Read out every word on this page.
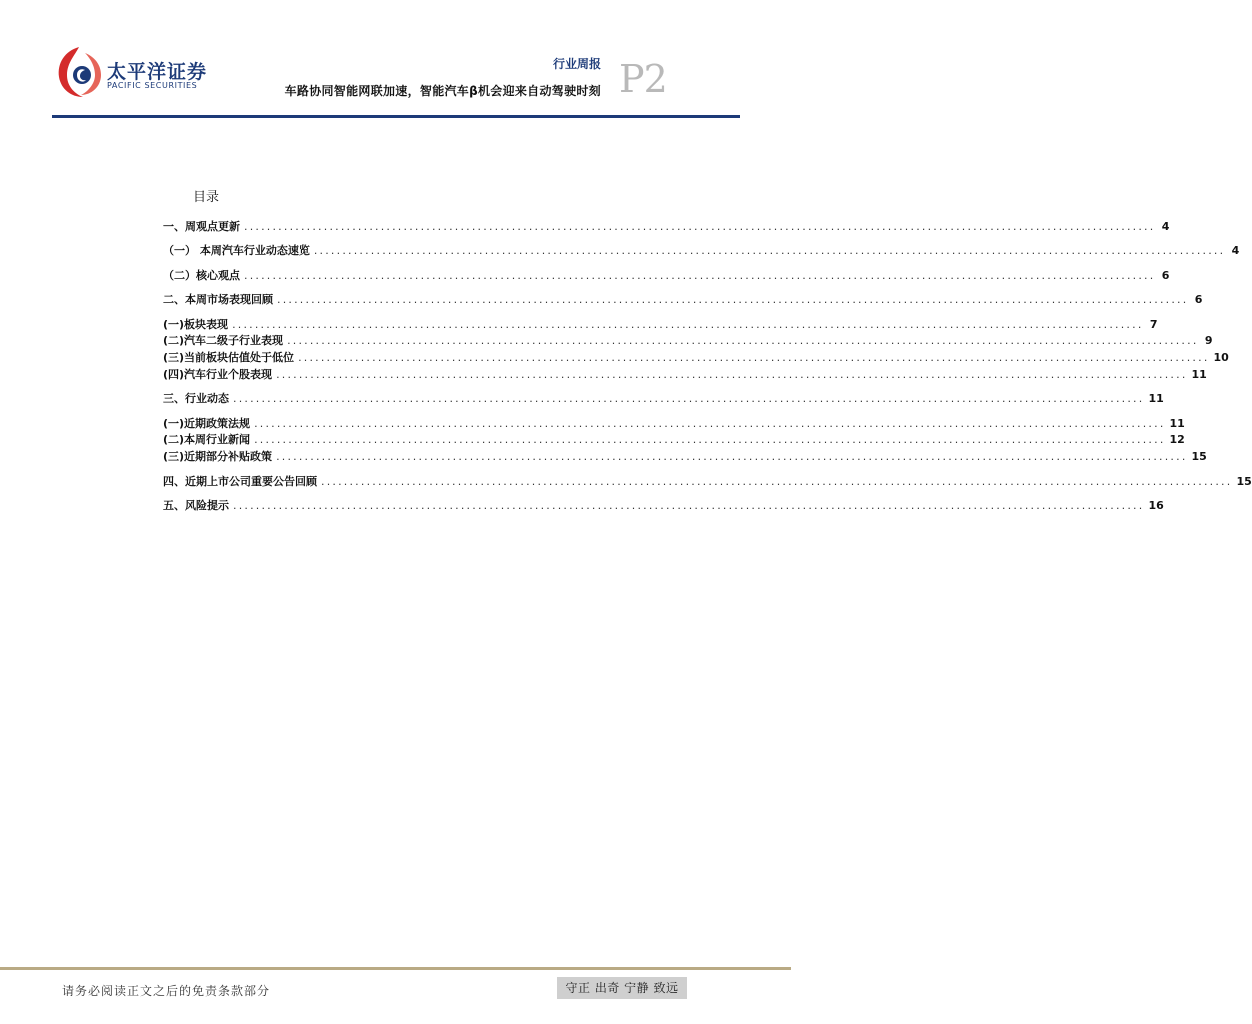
太平洋证券
PACIFIC SECURITIES
行业周报
车路协同智能网联加速，智能汽车β机会迎来自动驾驶时刻 P2
目录
一、周观点更新 ................................................................................................................................................................ 4
（一） 本周汽车行业动态速览 ................................................................................................................................................................ 4
（二）核心观点 ................................................................................................................................................................ 6
二、本周市场表现回顾 ................................................................................................................................................................ 6
(一)板块表现 ................................................................................................................................................................ 7
(二)汽车二级子行业表现 ................................................................................................................................................................ 9
(三)当前板块估值处于低位 ................................................................................................................................................................ 10
(四)汽车行业个股表现 ................................................................................................................................................................ 11
三、行业动态 ................................................................................................................................................................ 11
(一)近期政策法规 ................................................................................................................................................................ 11
(二)本周行业新闻 ................................................................................................................................................................ 12
(三)近期部分补贴政策 ................................................................................................................................................................ 15
四、近期上市公司重要公告回顾 ................................................................................................................................................................ 15
五、风险提示 ................................................................................................................................................................ 16
请务必阅读正文之后的免责条款部分	守正 出奇 宁静 致远
